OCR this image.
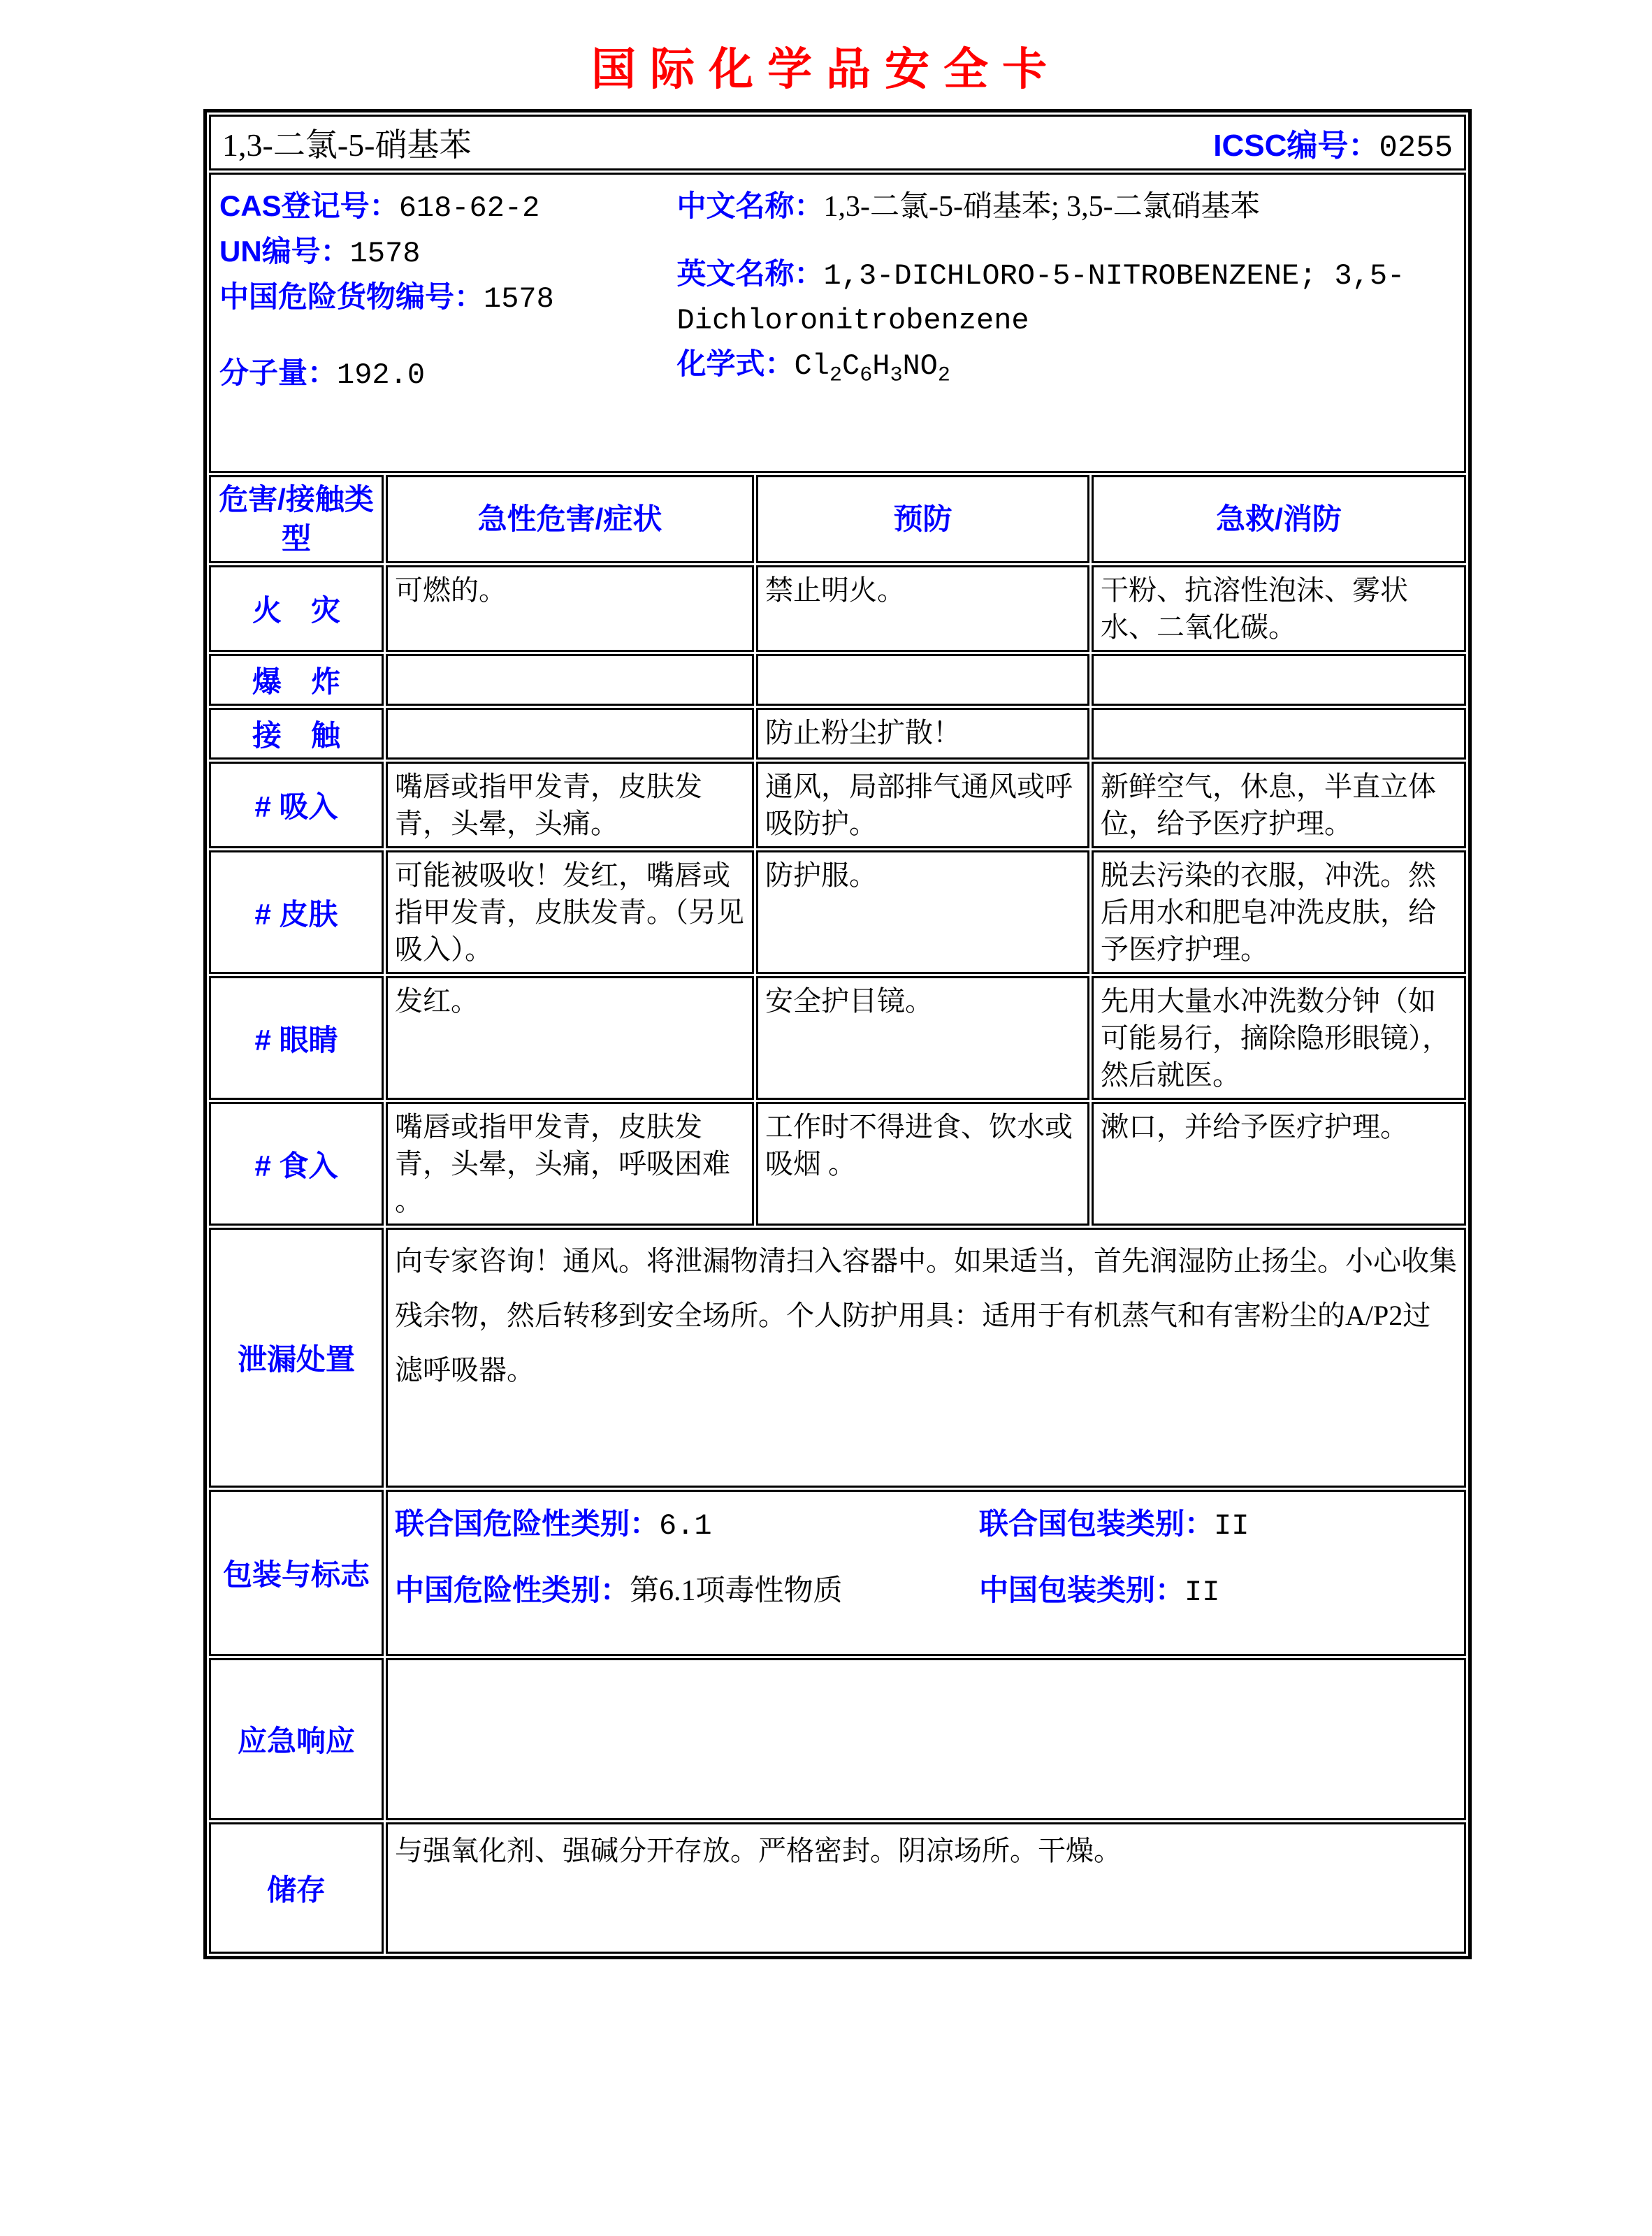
国际化学品安全卡
1,3-二氯-5-硝基苯 ICSC编号：0255			

CAS登记号：618-62-2
UN编号：1578
中国危险货物编号：1578
分子量：192.0
中文名称：1,3-二氯-5-硝基苯; 3,5-二氯硝基苯
英文名称：1,3-DICHLORO-5-NITROBENZENE; 3,5-Dichloronitrobenzene
化学式：$Cl_2C_6H_3NO_2$

危害/接触类型	急性危害/症状	预防	急救/消防
火　灾	可燃的。	禁止明火。	干粉、抗溶性泡沫、雾状水、二氧化碳。
爆　炸			
接　触		防止粉尘扩散！	
# 吸入	嘴唇或指甲发青，皮肤发青，头晕，头痛。	通风，局部排气通风或呼吸防护。	新鲜空气，休息，半直立体位，给予医疗护理。
# 皮肤	可能被吸收！发红，嘴唇或指甲发青，皮肤发青。（另见吸入）。	防护服。	脱去污染的衣服，冲洗。然后用水和肥皂冲洗皮肤，给予医疗护理。
# 眼睛	发红。	安全护目镜。	先用大量水冲洗数分钟（如可能易行，摘除隐形眼镜），然后就医。
# 食入	嘴唇或指甲发青，皮肤发青，头晕，头痛，呼吸困难 。	工作时不得进食、饮水或吸烟 。	漱口，并给予医疗护理。
泄漏处置	向专家咨询！通风。将泄漏物清扫入容器中。如果适当，首先润湿防止扬尘。小心收集残余物，然后转移到安全场所。个人防护用具：适用于有机蒸气和有害粉尘的A/P2过滤呼吸器。		

包装与标志	联合国危险性类别：6.1 联合国包装类别：II
中国危险性类别：第6.1项毒性物质 中国包装类别：II		

应急响应			
储存	与强氧化剂、强碱分开存放。严格密封。阴凉场所。干燥。		
